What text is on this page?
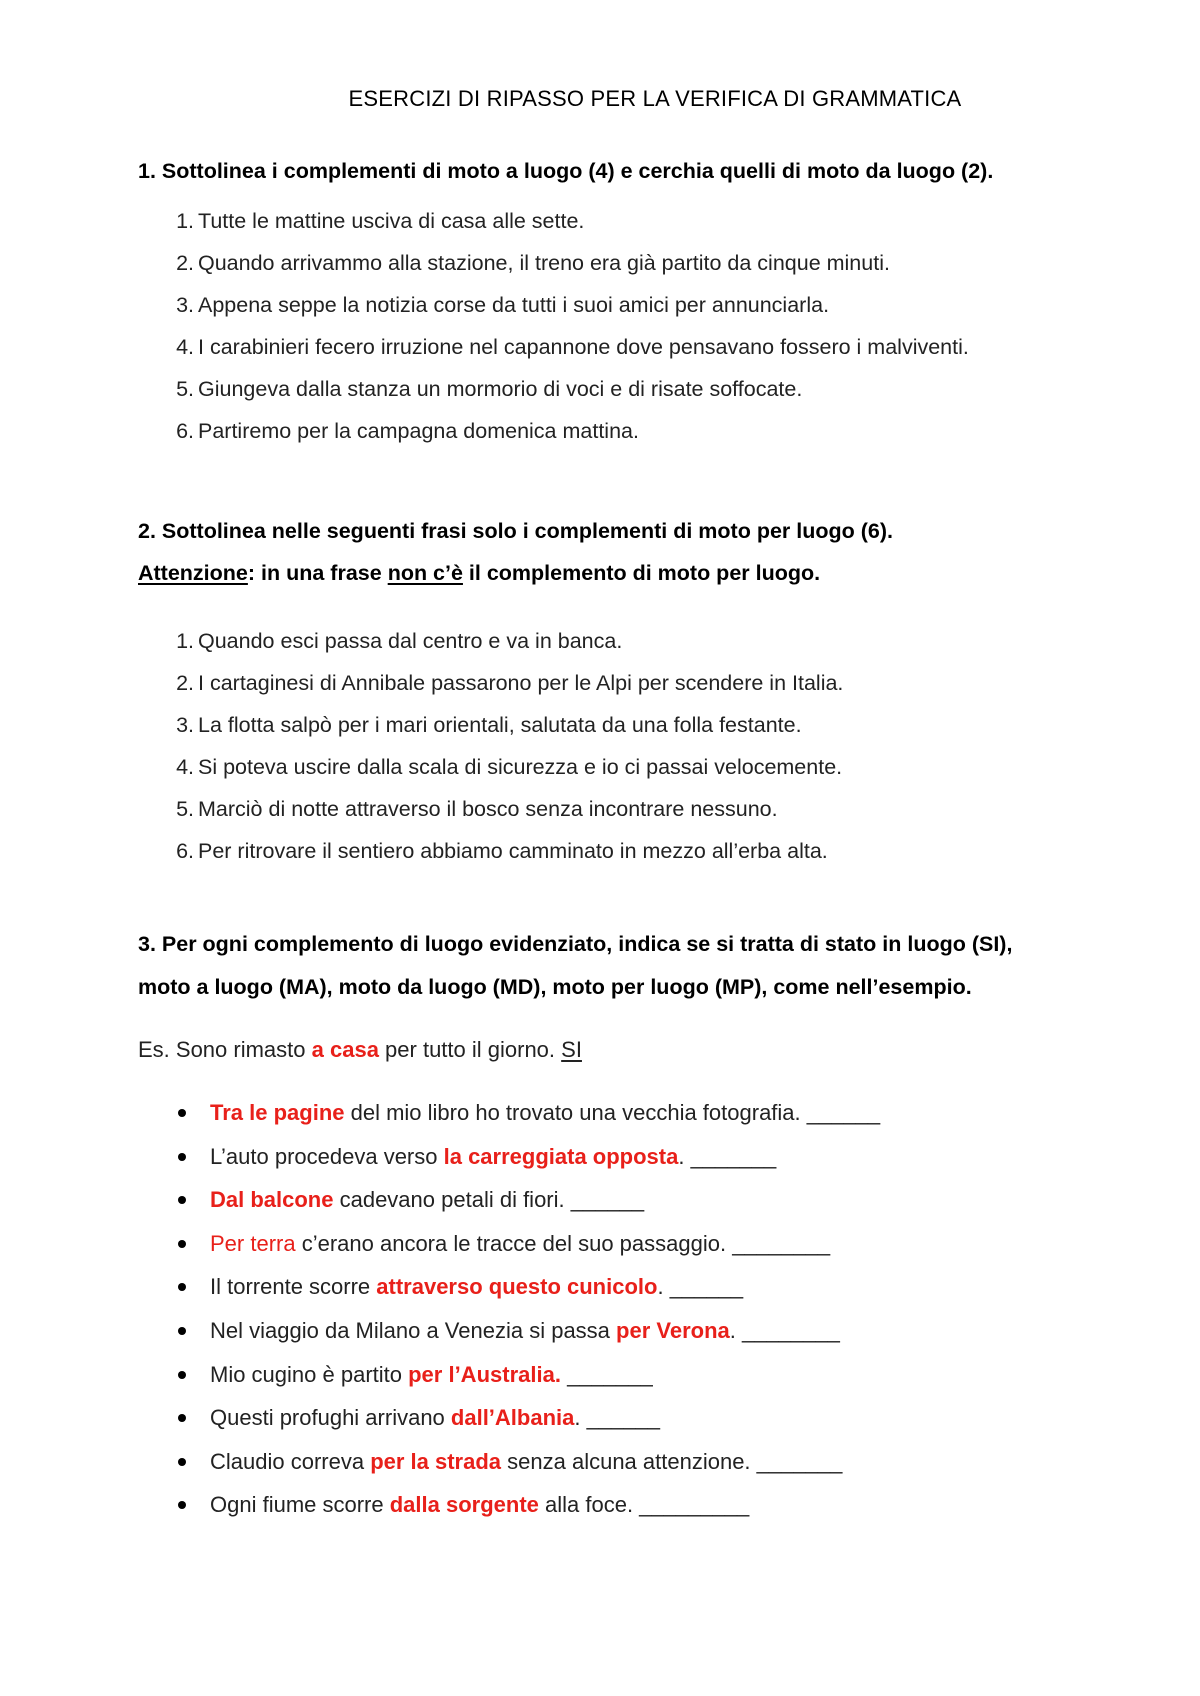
ESERCIZI DI RIPASSO PER LA VERIFICA DI GRAMMATICA
1. Sottolinea i complementi di moto a luogo (4) e cerchia quelli di moto da luogo (2).
1. Tutte le mattine usciva di casa alle sette.
2. Quando arrivammo alla stazione, il treno era già partito da cinque minuti.
3. Appena seppe la notizia corse da tutti i suoi amici per annunciarla.
4. I carabinieri fecero irruzione nel capannone dove pensavano fossero i malviventi.
5. Giungeva dalla stanza un mormorio di voci e di risate soffocate.
6. Partiremo per la campagna domenica mattina.
2. Sottolinea nelle seguenti frasi solo i complementi di moto per luogo (6).
Attenzione: in una frase non c’è il complemento di moto per luogo.
1. Quando esci passa dal centro e va in banca.
2. I cartaginesi di Annibale passarono per le Alpi per scendere in Italia.
3. La flotta salpò per i mari orientali, salutata da una folla festante.
4. Si poteva uscire dalla scala di sicurezza e io ci passai velocemente.
5. Marciò di notte attraverso il bosco senza incontrare nessuno.
6. Per ritrovare il sentiero abbiamo camminato in mezzo all’erba alta.
3. Per ogni complemento di luogo evidenziato, indica se si tratta di stato in luogo (SI),
moto a luogo (MA), moto da luogo (MD), moto per luogo (MP), come nell’esempio.
Es. Sono rimasto a casa per tutto il giorno. SI
Tra le pagine del mio libro ho trovato una vecchia fotografia. ______
L’auto procedeva verso la carreggiata opposta. _______
Dal balcone cadevano petali di fiori. ______
Per terra c’erano ancora le tracce del suo passaggio. ________
Il torrente scorre attraverso questo cunicolo. ______
Nel viaggio da Milano a Venezia si passa per Verona. ________
Mio cugino è partito per l’Australia. _______
Questi profughi arrivano dall’Albania. ______
Claudio correva per la strada senza alcuna attenzione. _______
Ogni fiume scorre dalla sorgente alla foce. _________
